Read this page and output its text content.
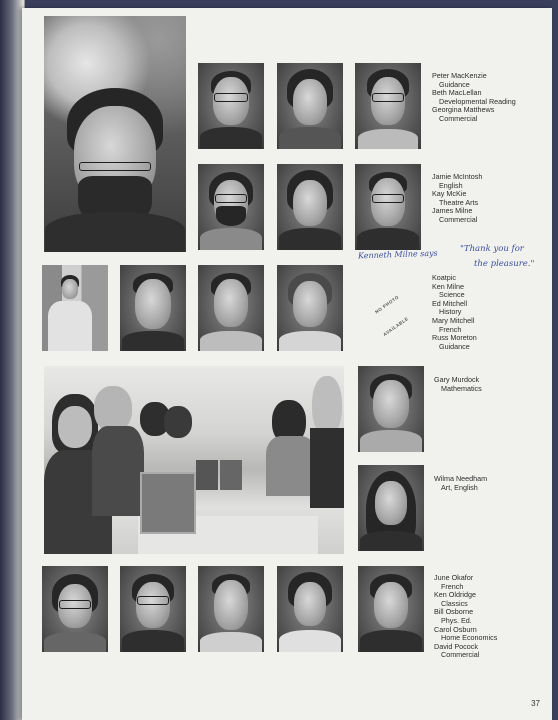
Peter MacKenzie
Guidance
Beth MacLellan
Developmental Reading
Georgina Matthews
Commercial
Jamie McIntosh
English
Kay McKie
Theatre Arts
James Milne
Commercial
Kenneth Milne says	"Thank you for
the pleasure."
NO PHOTO
AVAILABLE
Koatpic
Ken Milne
Science
Ed Mitchell
History
Mary Mitchell
French
Russ Moreton
Guidance
Gary Murdock
Mathematics
Wilma Needham
Art, English
June Okafor
French
Ken Oldridge
Classics
Bill Osborne
Phys. Ed.
Carol Osburn
Home Economics
David Pocock
Commercial
37
